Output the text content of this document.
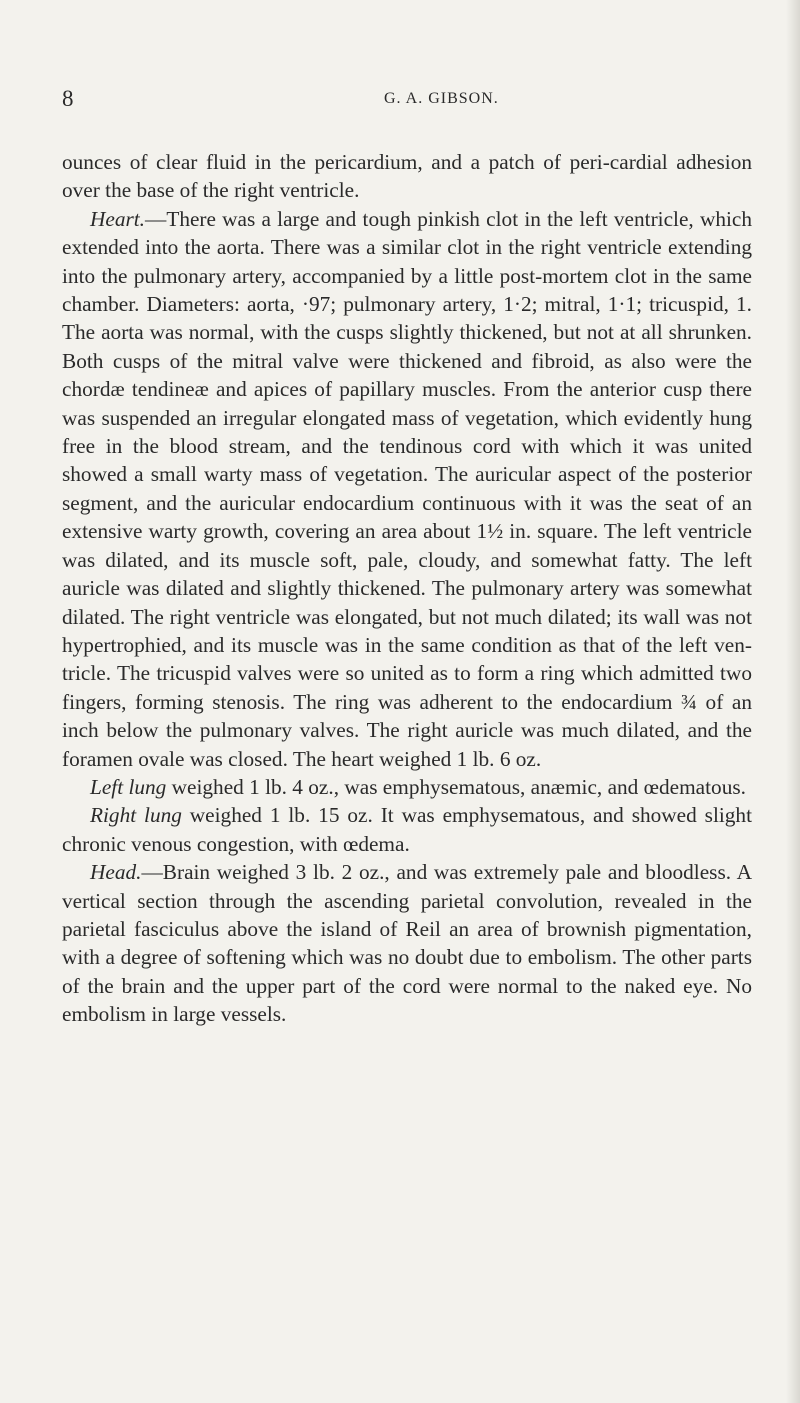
8	G. A. GIBSON.

ounces of clear fluid in the pericardium, and a patch of peri-cardial adhesion over the base of the right ventricle.

Heart.—There was a large and tough pinkish clot in the left ventricle, which extended into the aorta. There was a similar clot in the right ventricle extending into the pulmonary artery, accompanied by a little post-mortem clot in the same chamber. Diameters: aorta, ·97; pulmonary artery, 1·2; mitral, 1·1; tricuspid, 1. The aorta was normal, with the cusps slightly thickened, but not at all shrunken. Both cusps of the mitral valve were thickened and fibroid, as also were the chordæ tendineæ and apices of papillary muscles. From the anterior cusp there was suspended an irregular elongated mass of vegetation, which evidently hung free in the blood stream, and the tendinous cord with which it was united showed a small warty mass of vegetation. The auricular aspect of the posterior segment, and the auricular endocardium continuous with it was the seat of an extensive warty growth, covering an area about 1½ in. square. The left ventricle was dilated, and its muscle soft, pale, cloudy, and somewhat fatty. The left auricle was dilated and slightly thickened. The pulmonary artery was somewhat dilated. The right ventricle was elongated, but not much dilated; its wall was not hypertrophied, and its muscle was in the same condition as that of the left ven-tricle. The tricuspid valves were so united as to form a ring which admitted two fingers, forming stenosis. The ring was adherent to the endocardium ¾ of an inch below the pulmonary valves. The right auricle was much dilated, and the foramen ovale was closed. The heart weighed 1 lb. 6 oz.

Left lung weighed 1 lb. 4 oz., was emphysematous, anæmic, and œdematous.

Right lung weighed 1 lb. 15 oz. It was emphysematous, and showed slight chronic venous congestion, with œdema.

Head.—Brain weighed 3 lb. 2 oz., and was extremely pale and bloodless. A vertical section through the ascending parietal convolution, revealed in the parietal fasciculus above the island of Reil an area of brownish pigmentation, with a degree of softening which was no doubt due to embolism. The other parts of the brain and the upper part of the cord were normal to the naked eye. No embolism in large vessels.
